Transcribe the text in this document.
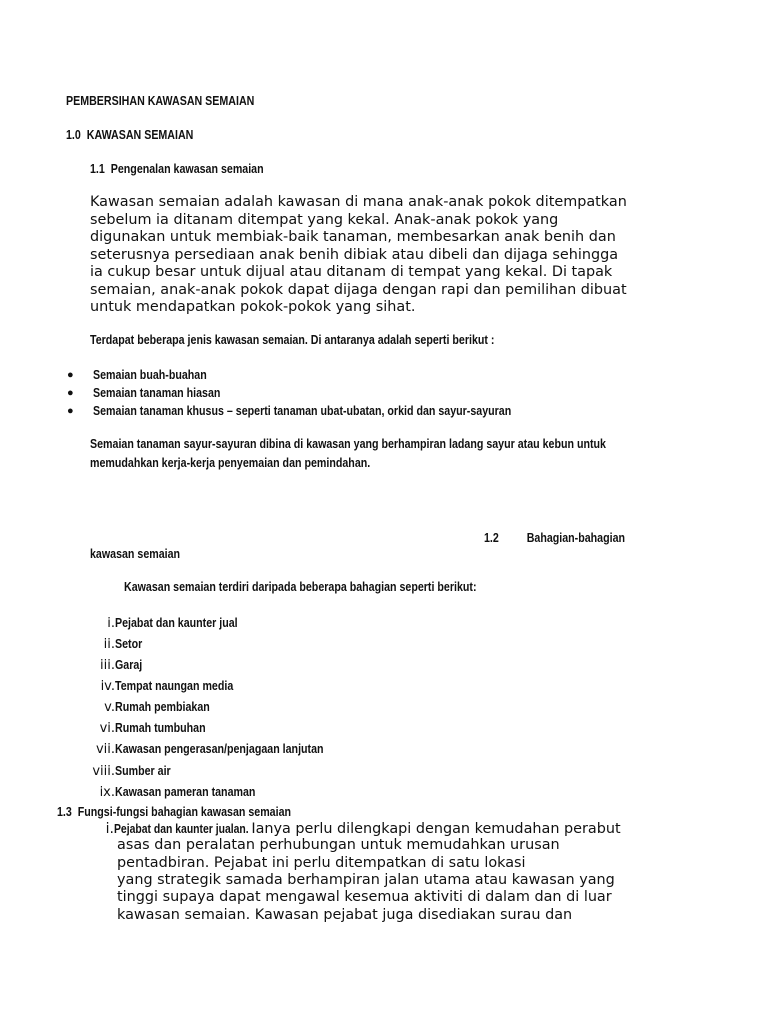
PEMBERSIHAN KAWASAN SEMAIAN
1.0 KAWASAN SEMAIAN
1.1 Pengenalan kawasan semaian
Kawasan semaian adalah kawasan di mana anak-anak pokok ditempatkan
sebelum ia ditanam ditempat yang kekal. Anak-anak pokok yang
digunakan untuk membiak-baik tanaman, membesarkan anak benih dan
seterusnya persediaan anak benih dibiak atau dibeli dan dijaga sehingga
ia cukup besar untuk dijual atau ditanam di tempat yang kekal. Di tapak
semaian, anak-anak pokok dapat dijaga dengan rapi dan pemilihan dibuat
untuk mendapatkan pokok-pokok yang sihat.
Terdapat beberapa jenis kawasan semaian. Di antaranya adalah seperti berikut :
● Semaian buah-buahan
● Semaian tanaman hiasan
● Semaian tanaman khusus – seperti tanaman ubat-ubatan, orkid dan sayur-sayuran
Semaian tanaman sayur-sayuran dibina di kawasan yang berhampiran ladang sayur atau kebun untuk
memudahkan kerja-kerja penyemaian dan pemindahan.
1.2 Bahagian-bahagian
kawasan semaian
Kawasan semaian terdiri daripada beberapa bahagian seperti berikut:
i.Pejabat dan kaunter jual
ii.Setor
iii.Garaj
iv.Tempat naungan media
v.Rumah pembiakan
vi.Rumah tumbuhan
vii.Kawasan pengerasan/penjagaan lanjutan
viii.Sumber air
ix.Kawasan pameran tanaman
1.3 Fungsi-fungsi bahagian kawasan semaian
i.Pejabat dan kaunter jualan. Ianya perlu dilengkapi dengan kemudahan perabut
asas dan peralatan perhubungan untuk memudahkan urusan
pentadbiran. Pejabat ini perlu ditempatkan di satu lokasi
yang strategik samada berhampiran jalan utama atau kawasan yang
tinggi supaya dapat mengawal kesemua aktiviti di dalam dan di luar
kawasan semaian. Kawasan pejabat juga disediakan surau dan
